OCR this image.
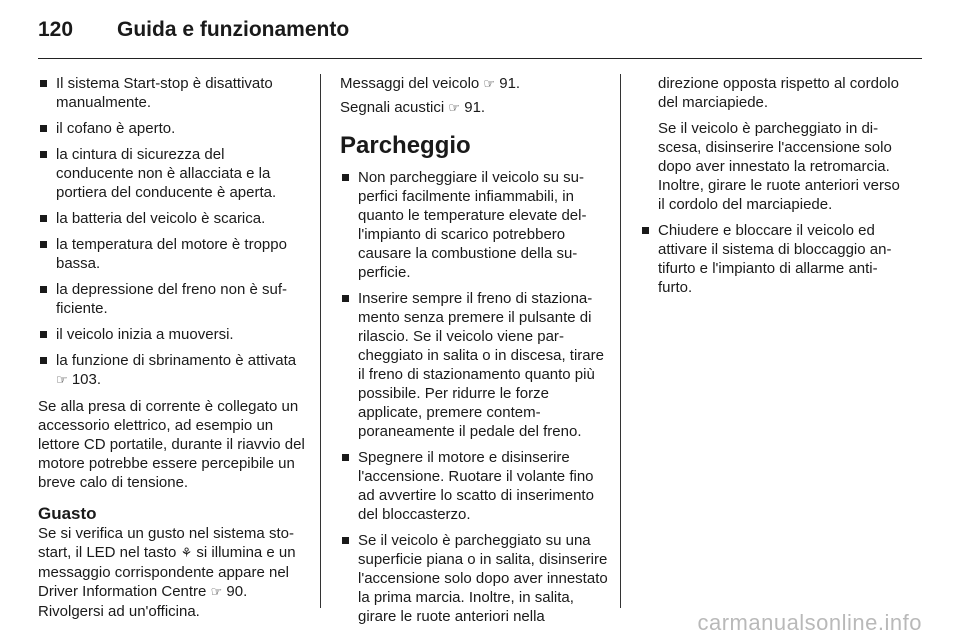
120 Guida e funzionamento
Il sistema Start-stop è disattivato manualmente.
il cofano è aperto.
la cintura di sicurezza del conducente non è allacciata e la portiera del conducente è aperta.
la batteria del veicolo è scarica.
la temperatura del motore è troppo bassa.
la depressione del freno non è sufficiente.
il veicolo inizia a muoversi.
la funzione di sbrinamento è attivata ☞ 103.
Se alla presa di corrente è collegato un accessorio elettrico, ad esempio un lettore CD portatile, durante il riavvio del motore potrebbe essere percepibile un breve calo di tensione.
Guasto
Se si verifica un gusto nel sistema sto-start, il LED nel tasto ⚘ si illumina e un messaggio corrispondente appare nel Driver Information Centre ☞ 90. Rivolgersi ad un'officina.
Messaggi del veicolo ☞ 91.
Segnali acustici ☞ 91.
Parcheggio
Non parcheggiare il veicolo su superfici facilmente infiammabili, in quanto le temperature elevate dell'impianto di scarico potrebbero causare la combustione della superficie.
Inserire sempre il freno di stazionamento senza premere il pulsante di rilascio. Se il veicolo viene parcheggiato in salita o in discesa, tirare il freno di stazionamento quanto più possibile. Per ridurre le forze applicate, premere contemporaneamente il pedale del freno.
Spegnere il motore e disinserire l'accensione. Ruotare il volante fino ad avvertire lo scatto di inserimento del bloccasterzo.
Se il veicolo è parcheggiato su una superficie piana o in salita, disinserire l'accensione solo dopo aver innestato la prima marcia. Inoltre, in salita, girare le ruote anteriori nella
direzione opposta rispetto al cordolo del marciapiede.
Se il veicolo è parcheggiato in discesa, disinserire l'accensione solo dopo aver innestato la retromarcia. Inoltre, girare le ruote anteriori verso il cordolo del marciapiede.
Chiudere e bloccare il veicolo ed attivare il sistema di bloccaggio antifurto e l'impianto di allarme antifurto.
carmanualsonline.info
